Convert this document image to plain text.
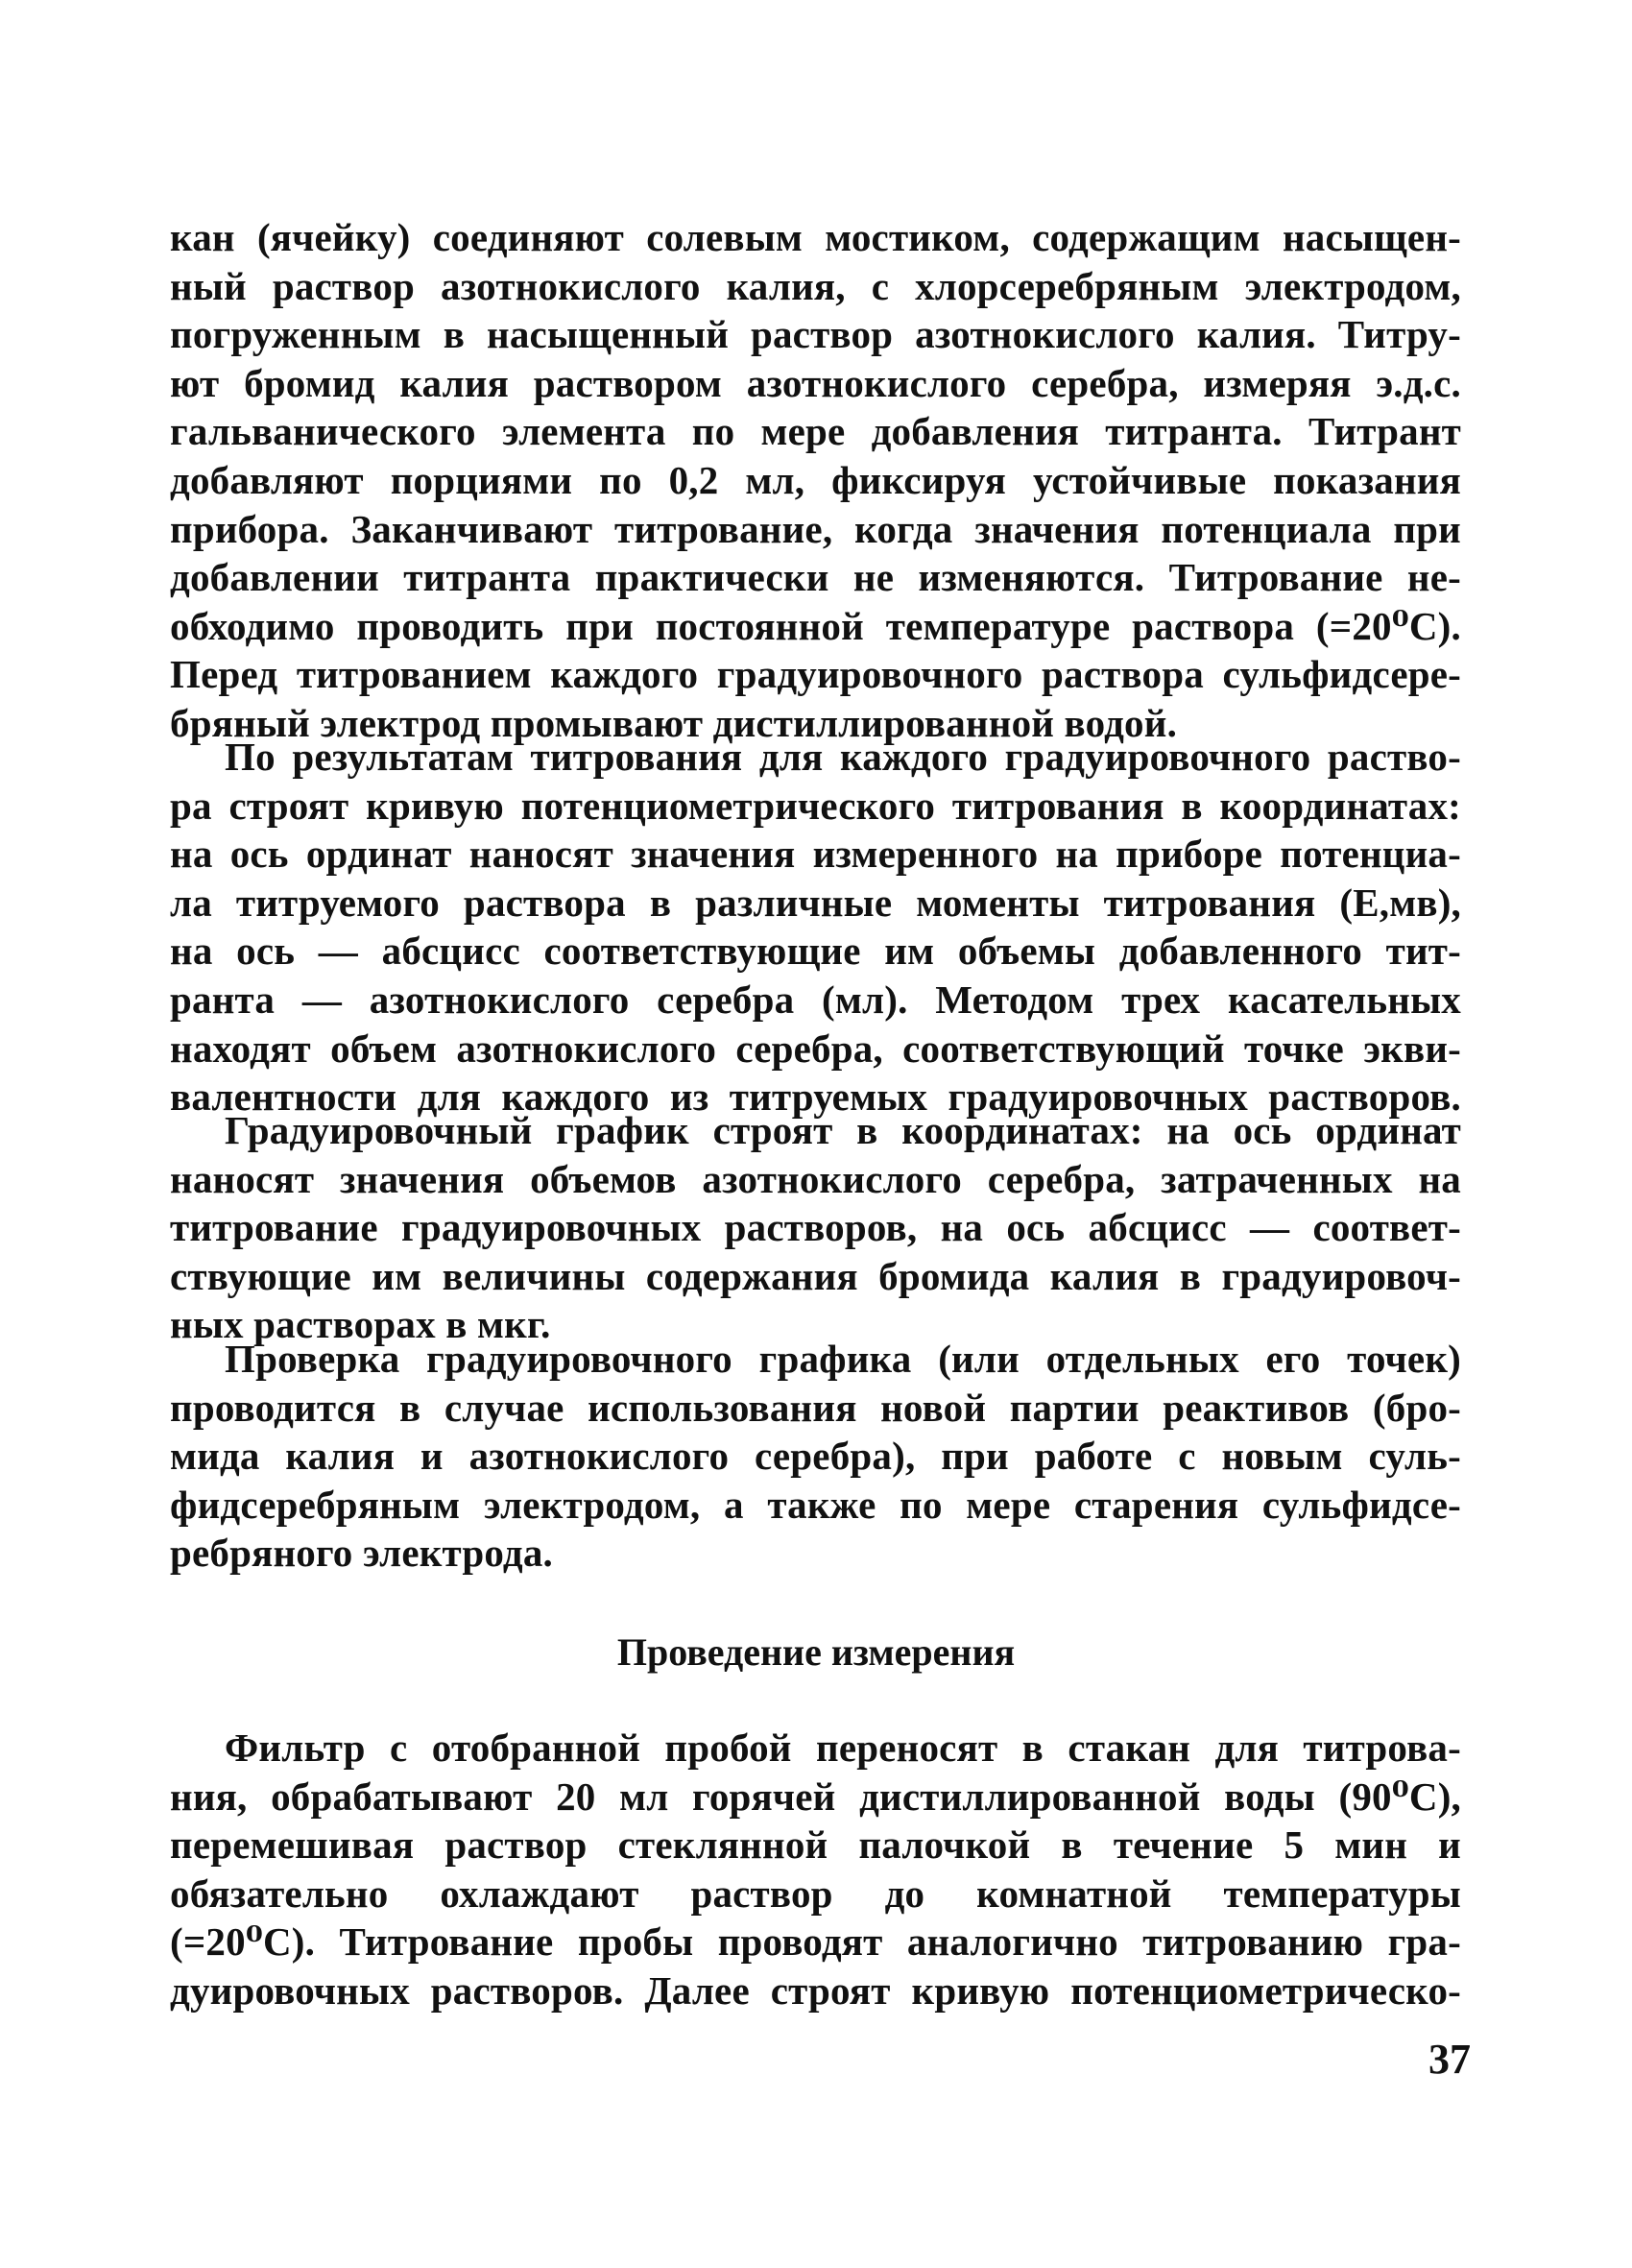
кан (ячейку) соединяют солевым мостиком, содержащим насыщен-
ный раствор азотнокислого калия, с хлорсеребряным электродом,
погруженным в насыщенный раствор азотнокислого калия. Титру-
ют бромид калия раствором азотнокислого серебра, измеряя э.д.с.
гальванического элемента по мере добавления титранта. Титрант
добавляют порциями по 0,2 мл, фиксируя устойчивые показания
прибора. Заканчивают титрование, когда значения потенциала при
добавлении титранта практически не изменяются. Титрование не-
обходимо проводить при постоянной температуре раствора (=20⁰С).
Перед титрованием каждого градуировочного раствора сульфидсере-
бряный электрод промывают дистиллированной водой.
По результатам титрования для каждого градуировочного раство-
ра строят кривую потенциометрического титрования в координатах:
на ось ординат наносят значения измеренного на приборе потенциа-
ла титруемого раствора в различные моменты титрования (Е,мв),
на ось — абсцисс соответствующие им объемы добавленного тит-
ранта — азотнокислого серебра (мл). Методом трех касательных
находят объем азотнокислого серебра, соответствующий точке экви-
валентности для каждого из титруемых градуировочных растворов.
Градуировочный график строят в координатах: на ось ординат
наносят значения объемов азотнокислого серебра, затраченных на
титрование градуировочных растворов, на ось абсцисс — соответ-
ствующие им величины содержания бромида калия в градуировоч-
ных растворах в мкг.
Проверка градуировочного графика (или отдельных его точек)
проводится в случае использования новой партии реактивов (бро-
мида калия и азотнокислого серебра), при работе с новым суль-
фидсеребряным электродом, а также по мере старения сульфидсе-
ребряного электрода.
Проведение измерения
Фильтр с отобранной пробой переносят в стакан для титрова-
ния, обрабатывают 20 мл горячей дистиллированной воды (90⁰С),
перемешивая раствор стеклянной палочкой в течение 5 мин и
обязательно охлаждают раствор до комнатной температуры
(=20⁰С). Титрование пробы проводят аналогично титрованию гра-
дуировочных растворов. Далее строят кривую потенциометрическо-
37
